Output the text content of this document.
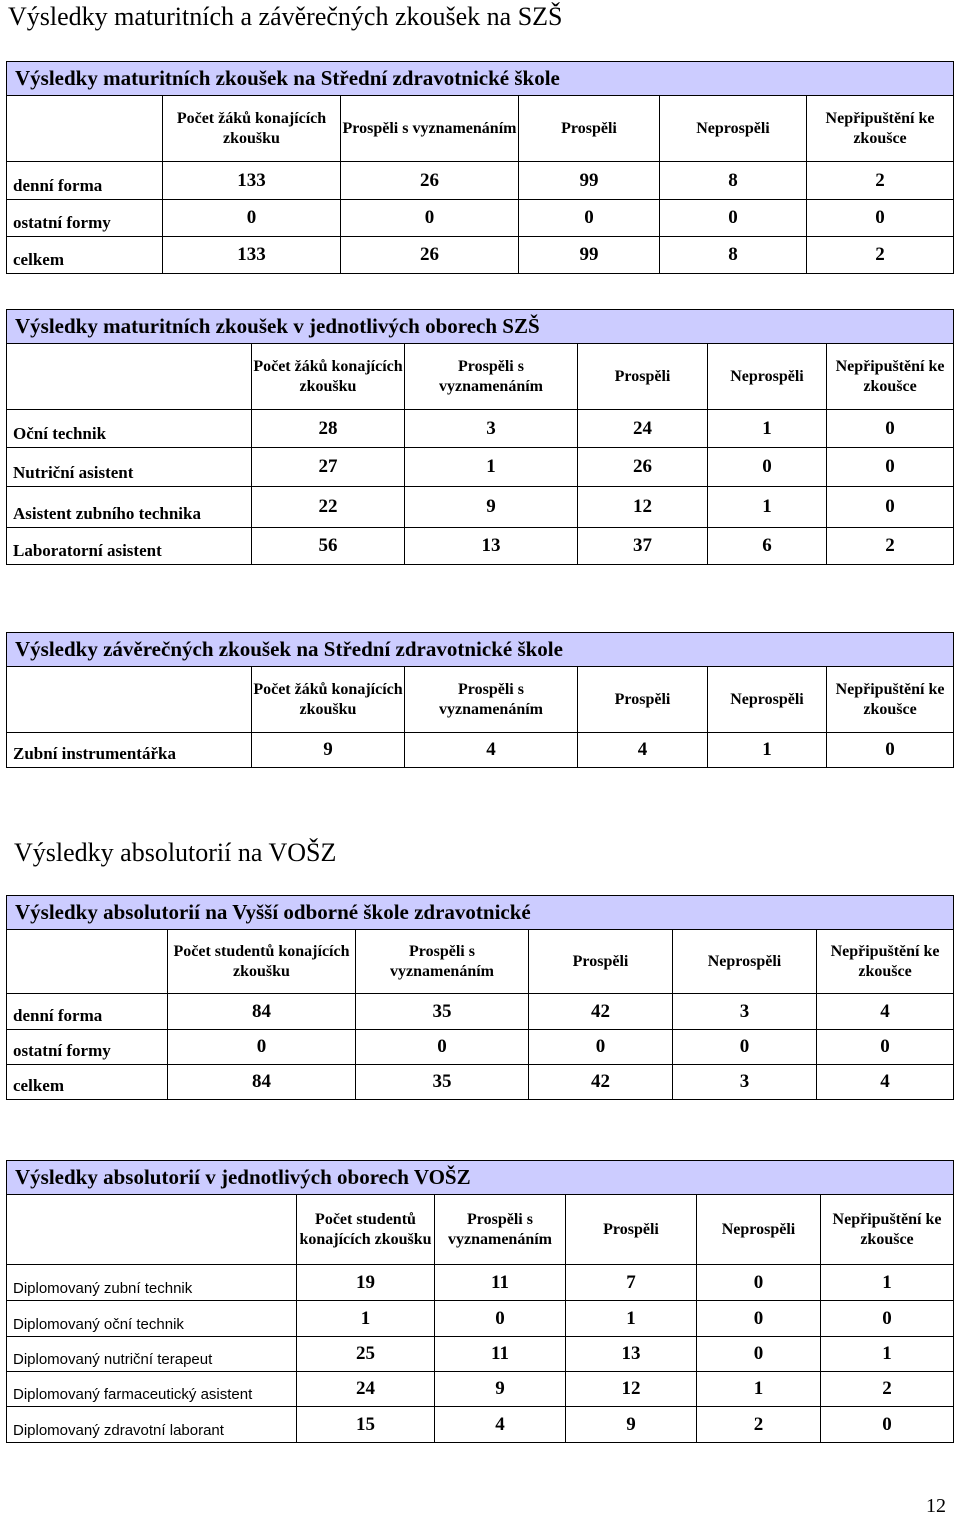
Výsledky maturitních a závěrečných zkoušek na SZŠ
Výsledky maturitních zkoušek na Střední zdravotnické škole					
	Počet žáků konajících zkoušku	Prospěli s vyznamenáním	Prospěli	Neprospěli	Nepřipuštění ke zkoušce
denní forma	133	26	99	8	2
ostatní formy	0	0	0	0	0
celkem	133	26	99	8	2
Výsledky maturitních zkoušek v jednotlivých oborech SZŠ					
	Počet žáků konajících zkoušku	Prospěli s vyznamenáním	Prospěli	Neprospěli	Nepřipuštění ke zkoušce
Oční technik	28	3	24	1	0
Nutriční asistent	27	1	26	0	0
Asistent zubního technika	22	9	12	1	0
Laboratorní asistent	56	13	37	6	2
Výsledky závěrečných zkoušek na Střední zdravotnické škole					
	Počet žáků konajících zkoušku	Prospěli s vyznamenáním	Prospěli	Neprospěli	Nepřipuštění ke zkoušce
Zubní instrumentářka	9	4	4	1	0
Výsledky absolutorií na VOŠZ
Výsledky absolutorií na Vyšší odborné škole zdravotnické					
	Počet studentů konajících zkoušku	Prospěli s vyznamenáním	Prospěli	Neprospěli	Nepřipuštění ke zkoušce
denní forma	84	35	42	3	4
ostatní formy	0	0	0	0	0
celkem	84	35	42	3	4
Výsledky absolutorií v jednotlivých oborech VOŠZ					
	Počet studentů konajících zkoušku	Prospěli s vyznamenáním	Prospěli	Neprospěli	Nepřipuštění ke zkoušce
Diplomovaný zubní technik	19	11	7	0	1
Diplomovaný oční technik	1	0	1	0	0
Diplomovaný nutriční terapeut	25	11	13	0	1
Diplomovaný farmaceutický asistent	24	9	12	1	2
Diplomovaný zdravotní laborant	15	4	9	2	0
12
